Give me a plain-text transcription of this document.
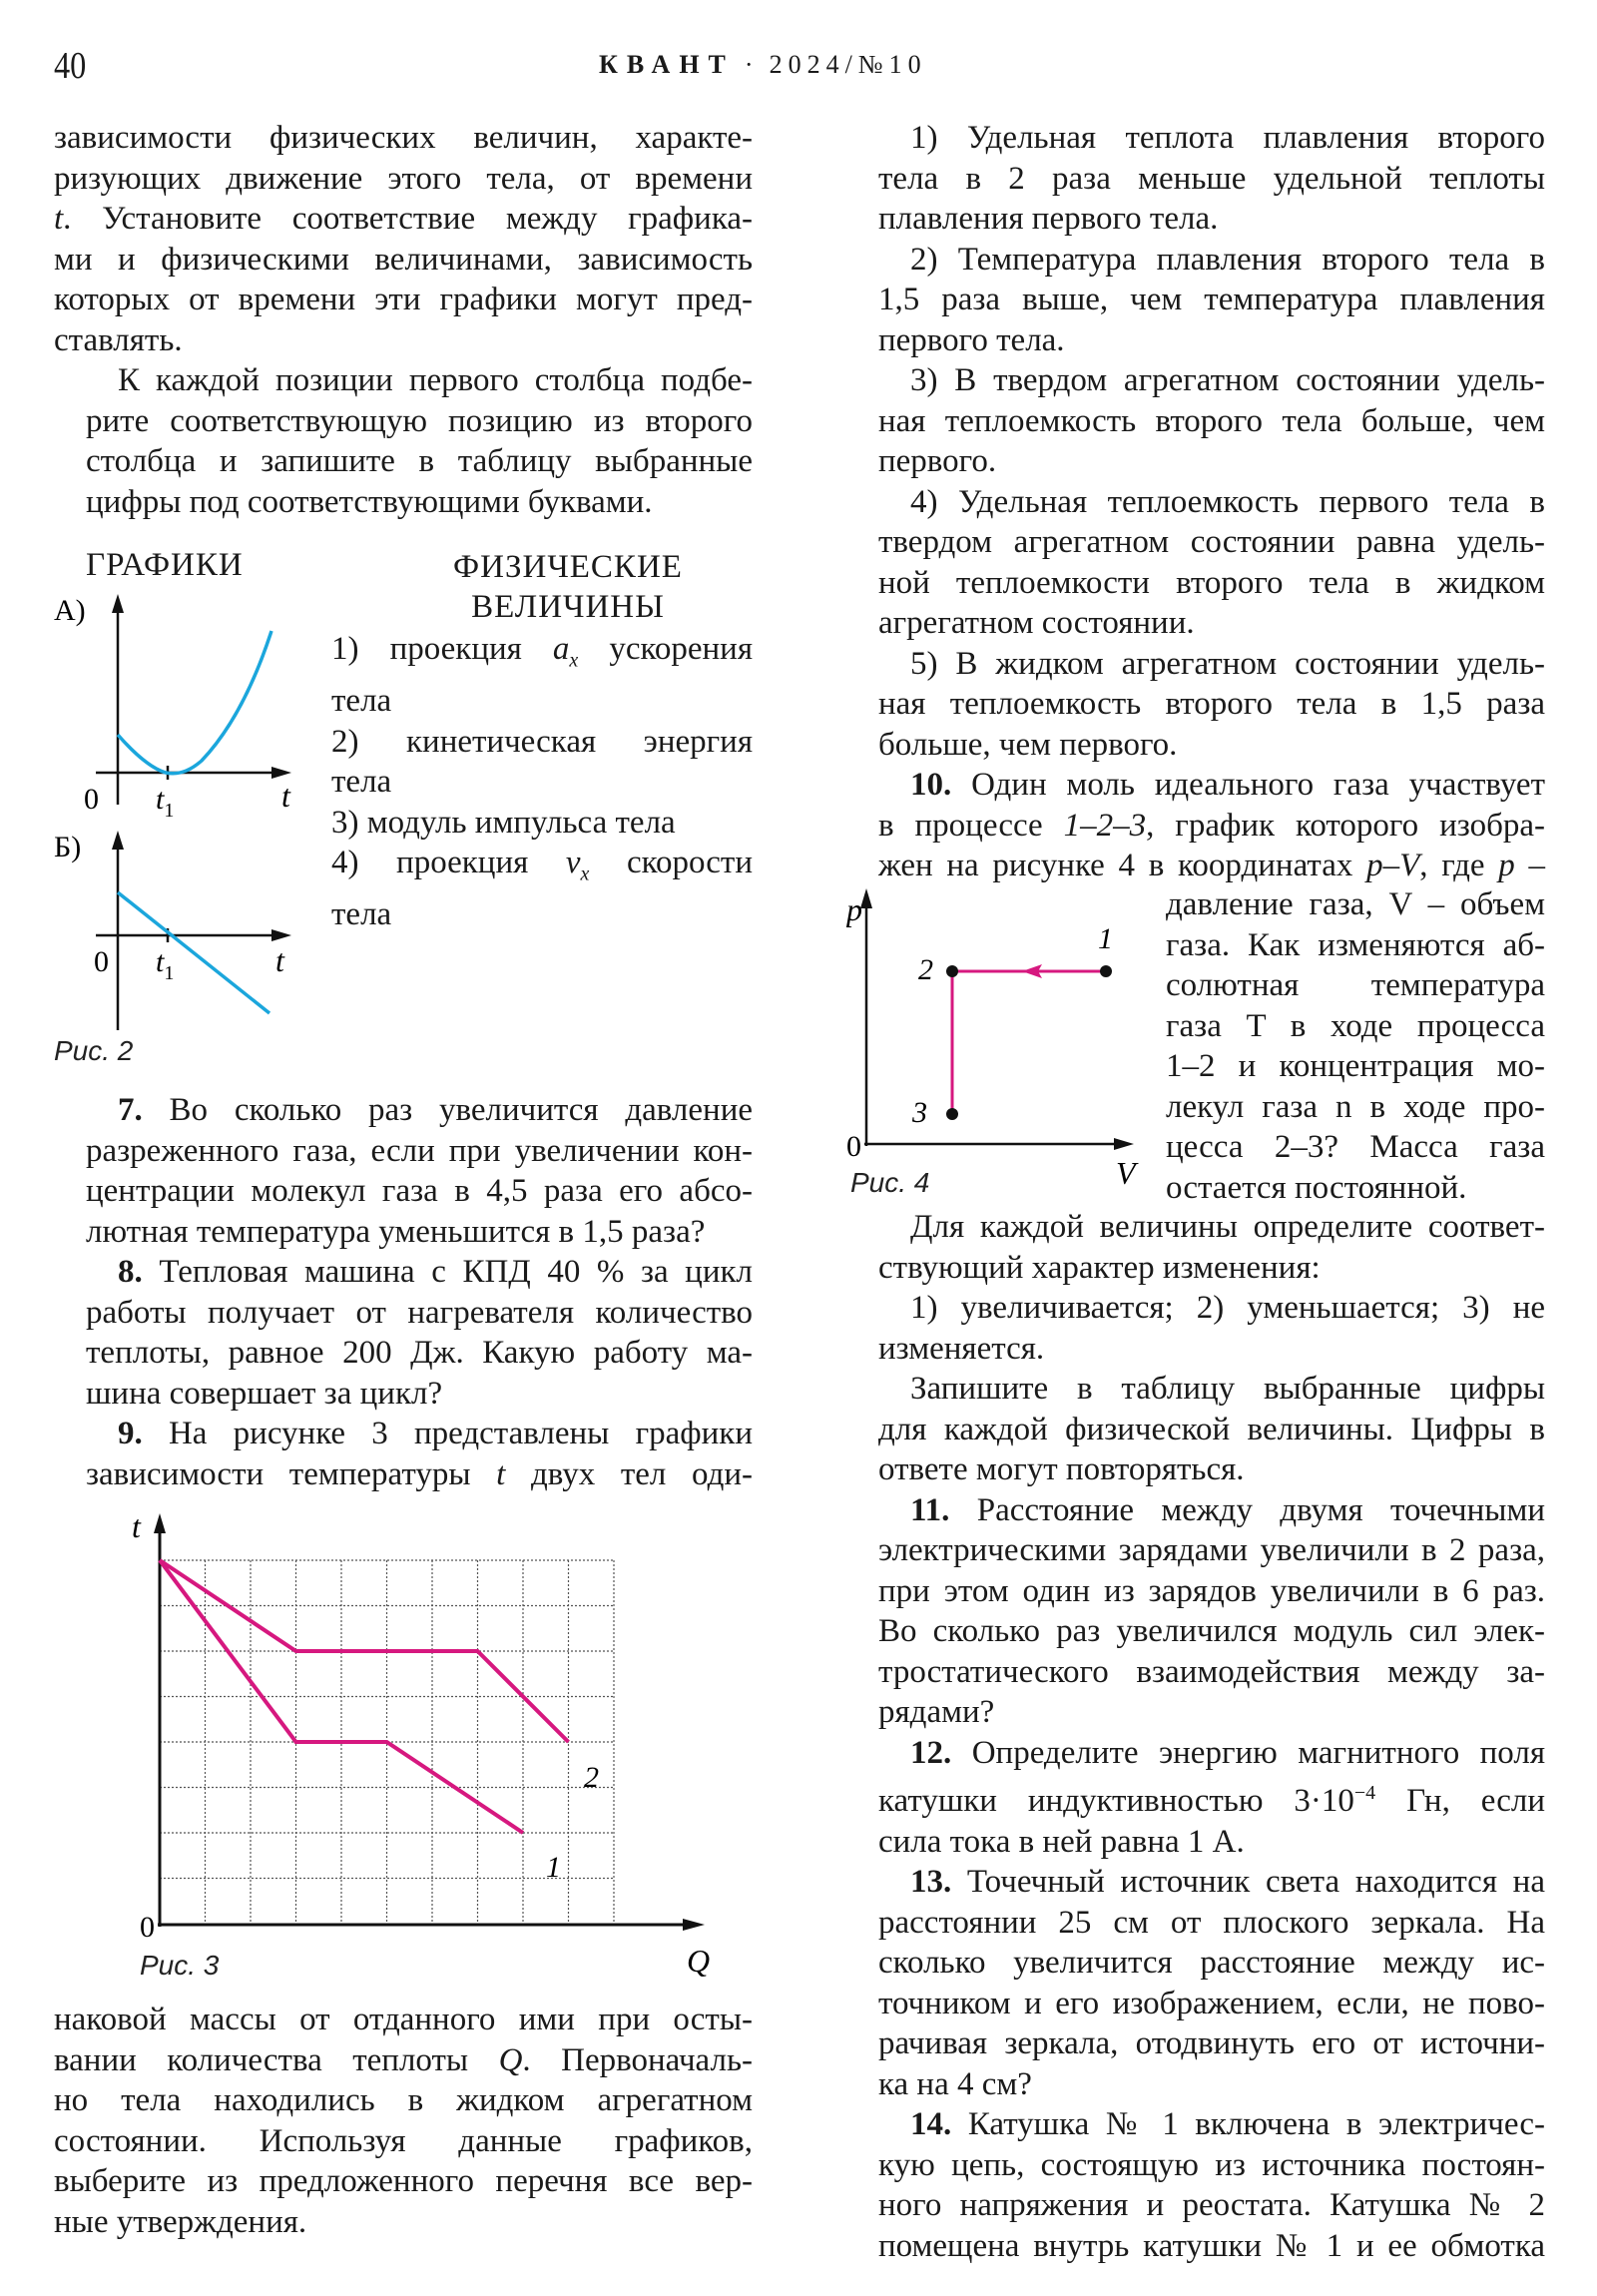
40	КВАНТ · 2024/№10
зависимости физических величин, характе-
ризующих движение этого тела, от времени
t. Установите соответствие между графика-
ми и физическими величинами, зависимость
которых от времени эти графики могут пред-
ставлять.
К каждой позиции первого столбца подбе-
рите соответствующую позицию из второго
столбца и запишите в таблицу выбранные
цифры под соответствующими буквами.
ГРАФИКИ	ФИЗИЧЕСКИЕ
ВЕЛИЧИНЫ
А)
0 $t_1$	t
Б)
0 $t_1$	t
Рис. 2
1) проекция $a_x$ ускорения
тела
2) кинетическая энергия
тела
3) модуль импульса тела
4) проекция $v_x$ скорости
тела
7. Во сколько раз увеличится давление
разреженного газа, если при увеличении кон-
центрации молекул газа в 4,5 раза его абсо-
лютная температура уменьшится в 1,5 раза?
8. Тепловая машина с КПД 40 % за цикл
работы получает от нагревателя количество
теплоты, равное 200 Дж. Какую работу ма-
шина совершает за цикл?
9. На рисунке 3 представлены графики
зависимости температуры t двух тел оди-
t
0
Q
2
1
Рис. 3
наковой массы от отданного ими при осты-
вании количества теплоты Q. Первоначаль-
но тела находились в жидком агрегатном
состоянии. Используя данные графиков,
выберите из предложенного перечня все вер-
ные утверждения.
1) Удельная теплота плавления второго
тела в 2 раза меньше удельной теплоты
плавления первого тела.
2) Температура плавления второго тела в
1,5 раза выше, чем температура плавления
первого тела.
3) В твердом агрегатном состоянии удель-
ная теплоемкость второго тела больше, чем
первого.
4) Удельная теплоемкость первого тела в
твердом агрегатном состоянии равна удель-
ной теплоемкости второго тела в жидком
агрегатном состоянии.
5) В жидком агрегатном состоянии удель-
ная теплоемкость второго тела в 1,5 раза
больше, чем первого.
10. Один моль идеального газа участвует
в процессе 1–2–3, график которого изобра-
жен на рисунке 4 в координатах p–V, где p –
p
0
V
1
2
3
Рис. 4
давление газа, V – объем
газа. Как изменяются аб-
солютная температура
газа T в ходе процесса
1–2 и концентрация мо-
лекул газа n в ходе про-
цесса 2–3? Масса газа
остается постоянной.
Для каждой величины определите соответ-
ствующий характер изменения:
1) увеличивается; 2) уменьшается; 3) не
изменяется.
Запишите в таблицу выбранные цифры
для каждой физической величины. Цифры в
ответе могут повторяться.
11. Расстояние между двумя точечными
электрическими зарядами увеличили в 2 раза,
при этом один из зарядов увеличили в 6 раз.
Во сколько раз увеличился модуль сил элек-
тростатического взаимодействия между за-
рядами?
12. Определите энергию магнитного поля
катушки индуктивностью $3\cdot 10^{-4}$ Гн, если
сила тока в ней равна 1 А.
13. Точечный источник света находится на
расстоянии 25 см от плоского зеркала. На
сколько увеличится расстояние между ис-
точником и его изображением, если, не пово-
рачивая зеркала, отодвинуть его от источни-
ка на 4 см?
14. Катушка № 1 включена в электричес-
кую цепь, состоящую из источника постоян-
ного напряжения и реостата. Катушка № 2
помещена внутрь катушки № 1 и ее обмотка
